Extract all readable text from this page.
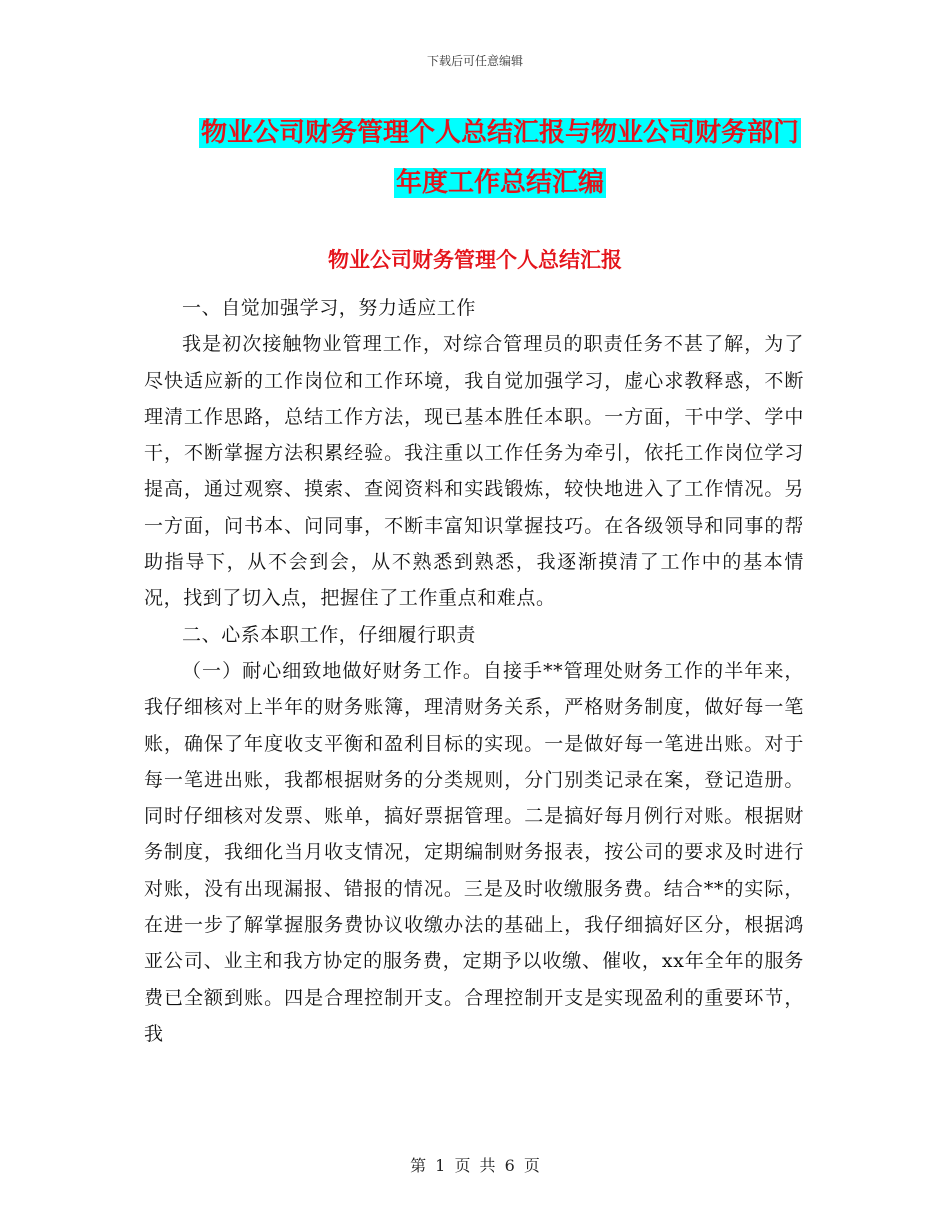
下载后可任意编辑
物业公司财务管理个人总结汇报与物业公司财务部门
年度工作总结汇编
物业公司财务管理个人总结汇报

一、自觉加强学习，努力适应工作

我是初次接触物业管理工作，对综合管理员的职责任务不甚了解，为了尽快适应新的工作岗位和工作环境，我自觉加强学习，虚心求教释惑，不断理清工作思路，总结工作方法，现已基本胜任本职。一方面，干中学、学中干，不断掌握方法积累经验。我注重以工作任务为牵引，依托工作岗位学习提高，通过观察、摸索、查阅资料和实践锻炼，较快地进入了工作情况。另一方面，问书本、问同事，不断丰富知识掌握技巧。在各级领导和同事的帮助指导下，从不会到会，从不熟悉到熟悉，我逐渐摸清了工作中的基本情况，找到了切入点，把握住了工作重点和难点。

二、心系本职工作，仔细履行职责

（一）耐心细致地做好财务工作。自接手**管理处财务工作的半年来，我仔细核对上半年的财务账簿，理清财务关系，严格财务制度，做好每一笔账，确保了年度收支平衡和盈利目标的实现。一是做好每一笔进出账。对于每一笔进出账，我都根据财务的分类规则，分门别类记录在案，登记造册。同时仔细核对发票、账单，搞好票据管理。二是搞好每月例行对账。根据财务制度，我细化当月收支情况，定期编制财务报表，按公司的要求及时进行对账，没有出现漏报、错报的情况。三是及时收缴服务费。结合**的实际，在进一步了解掌握服务费协议收缴办法的基础上，我仔细搞好区分，根据鸿亚公司、业主和我方协定的服务费，定期予以收缴、催收，xx年全年的服务费已全额到账。四是合理控制开支。合理控制开支是实现盈利的重要环节，我

第 1 页 共 6 页
